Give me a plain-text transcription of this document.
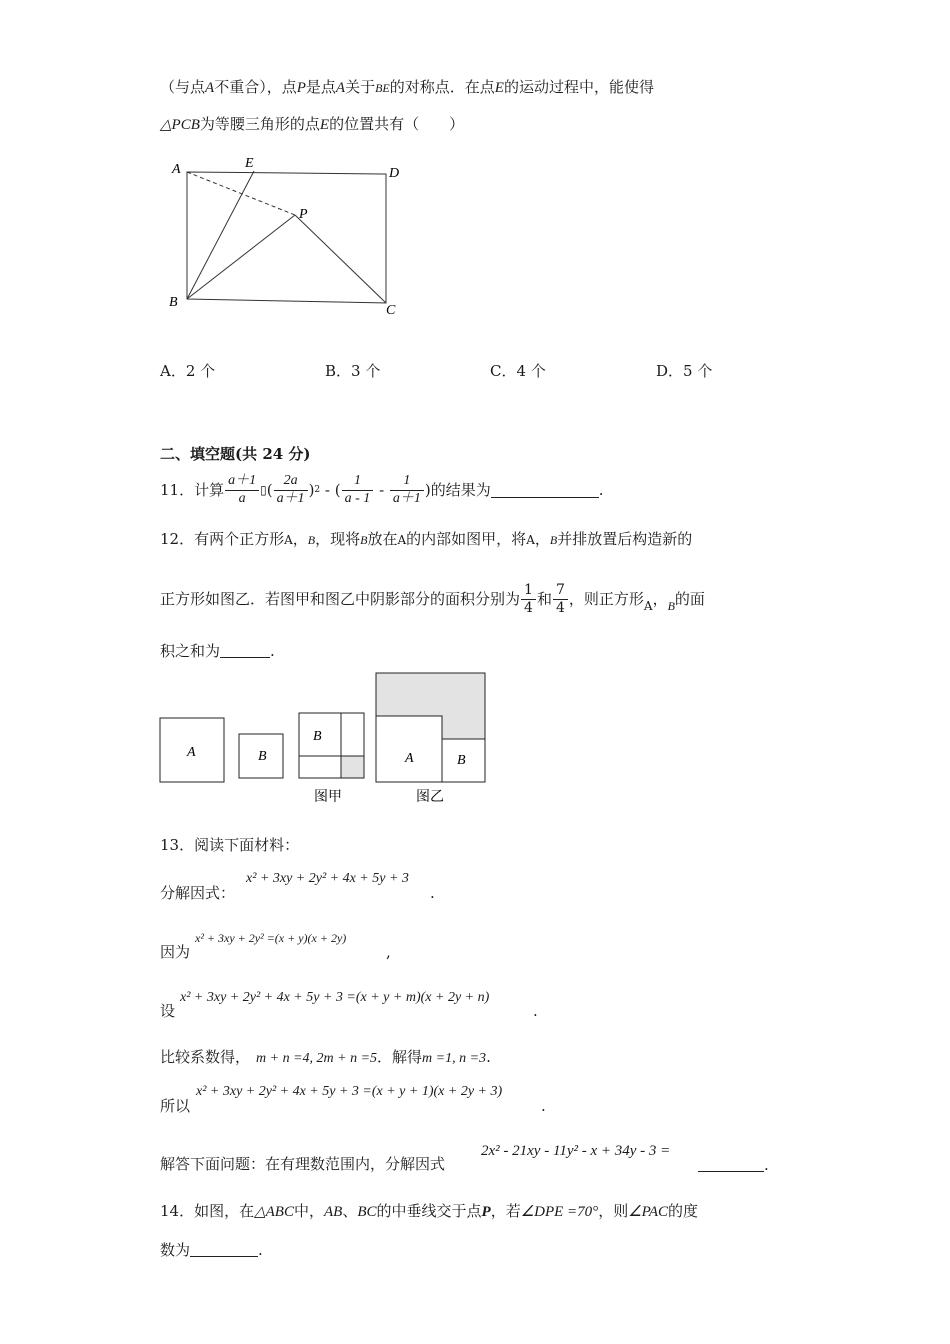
（与点A不重合），点P是点A关于BE的对称点．在点E的运动过程中，能使得
△PCB为等腰三角形的点E的位置共有（　　）
A	E
D
P
B
C
A．2 个	B．3 个	C．4 个	D．5 个
二、填空题(共 24 分)
11．计算 $\frac{a+1}{a}$ ▯ ( $\frac{2a}{a+1}$ ) 2 - ( $\frac{1}{a - 1} - \frac{1}{a+1}$ ) 的结果为	.
12．有两个正方形A，B，现将B放在A的内部如图甲，将A，B并排放置后构造新的
正方形如图乙．若图甲和图乙中阴影部分的面积分别为 $\frac{1}{4}$ 和 $\frac{7}{4}$ ，则正方形 A ， B 的面
积之和为	.
A	B
B
图甲
A	B
图乙
13．阅读下面材料：
分解因式：
x² + 3xy + 2y² + 4x + 5y + 3
.
因为
x² + 3xy + 2y² =(x + y)(x + 2y)
,
设
x² + 3xy + 2y² + 4x + 5y + 3 =(x + y + m)(x + 2y + n)
.
比较系数得， m + n =4, 2m + n =5．解得m =1, n =3.
所以
x² + 3xy + 2y² + 4x + 5y + 3 =(x + y + 1)(x + 2y + 3)
.
解答下面问题：在有理数范围内，分解因式
2x² - 21xy - 11y² - x + 34y - 3 =
.
14．如图，在△ABC中，AB、BC的中垂线交于点P，若∠DPE =70°，则∠PAC的度
数为	.
